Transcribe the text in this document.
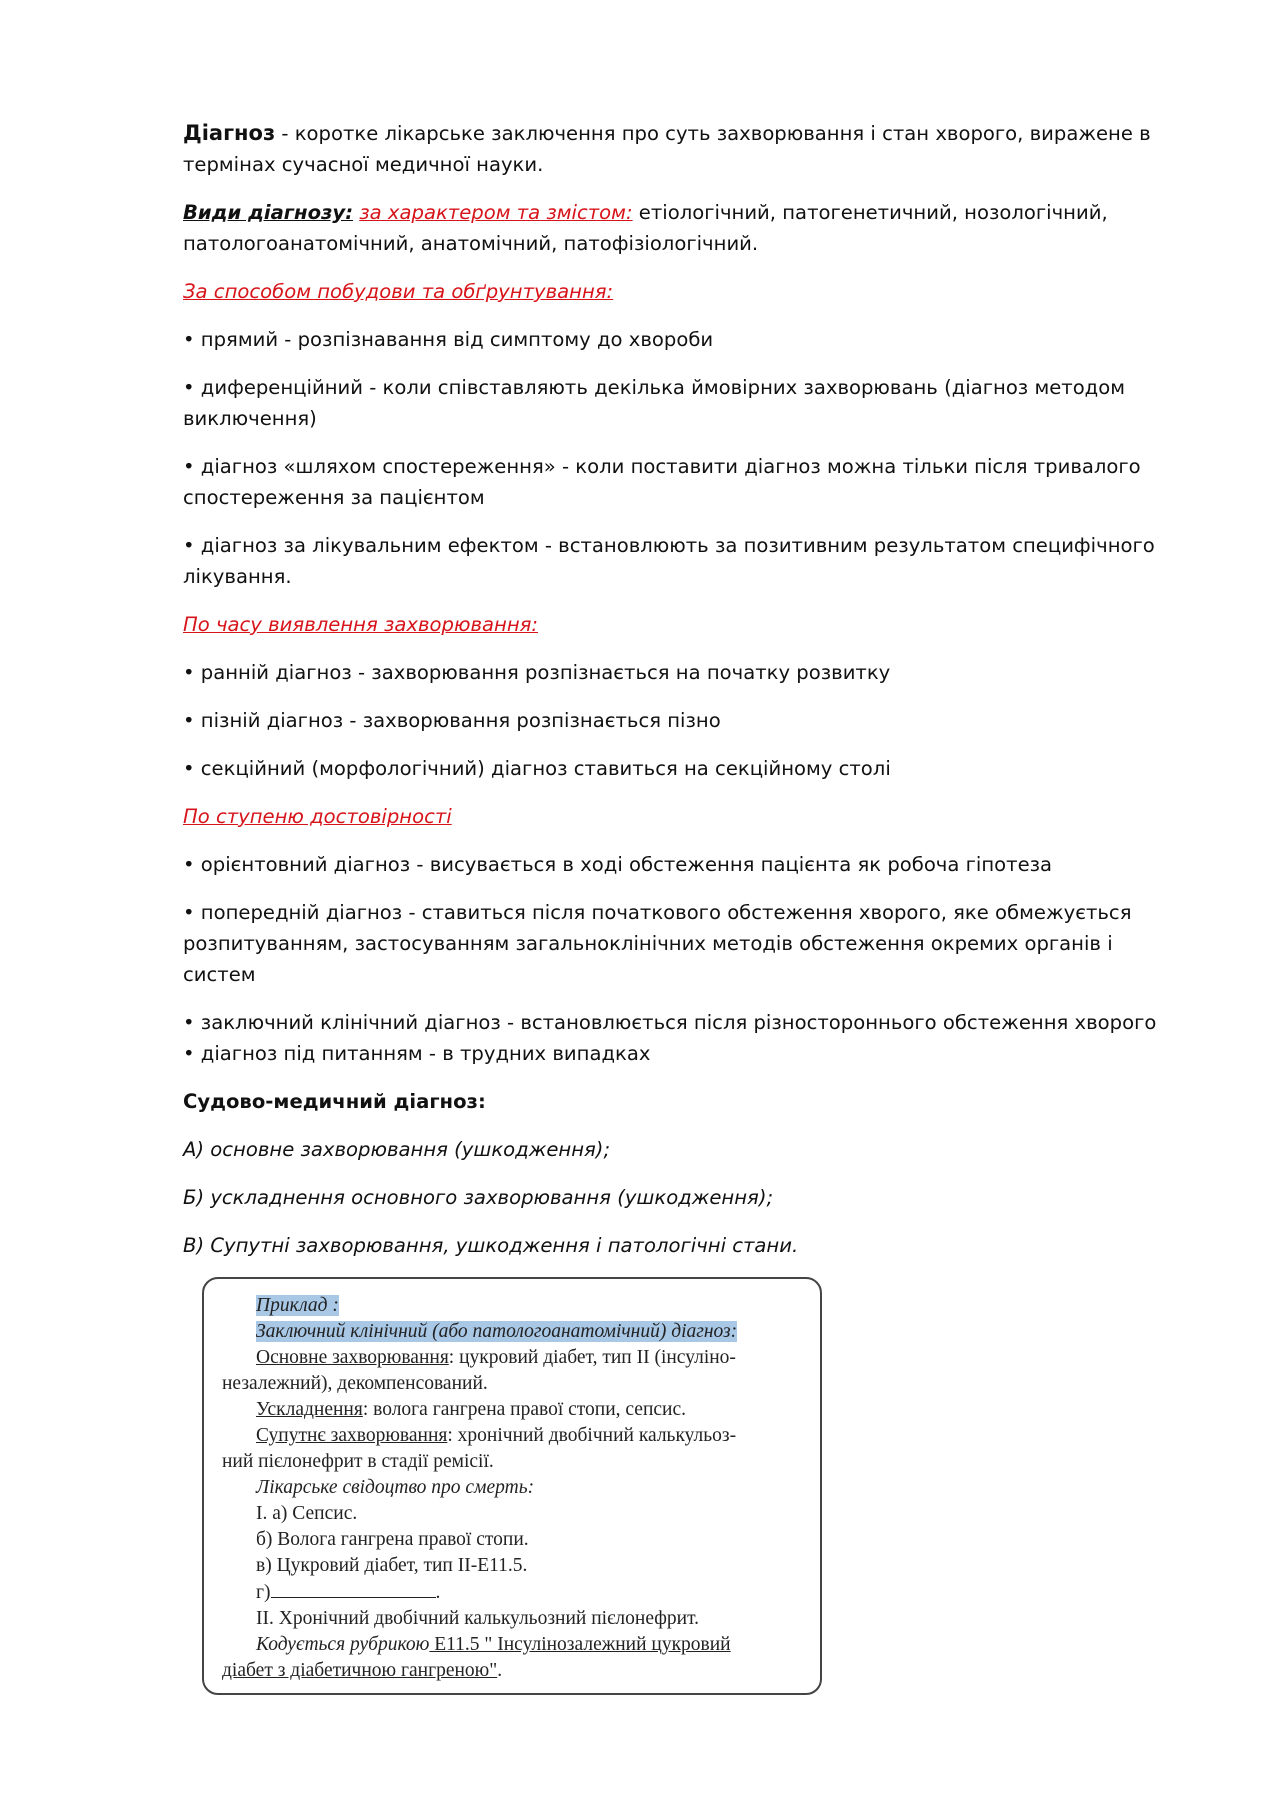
Діагноз - коротке лікарське заключення про суть захворювання і стан хворого, виражене в термінах сучасної медичної науки.

Види діагнозу: за характером та змістом: етіологічний, патогенетичний, нозологічний, патологоанатомічний, анатомічний, патофізіологічний.

За способом побудови та обґрунтування:

• прямий - розпізнавання від симптому до хвороби

• диференційний - коли співставляють декілька ймовірних захворювань (діагноз методом виключення)

• діагноз «шляхом спостереження» - коли поставити діагноз можна тільки після тривалого спостереження за пацієнтом

• діагноз за лікувальним ефектом - встановлюють за позитивним результатом специфічного лікування.

По часу виявлення захворювання:

• ранній діагноз - захворювання розпізнається на початку розвитку

• пізній діагноз - захворювання розпізнається пізно

• секційний (морфологічний) діагноз ставиться на секційному столі

По ступеню достовірності

• орієнтовний діагноз - висувається в ході обстеження пацієнта як робоча гіпотеза

• попередній діагноз - ставиться після початкового обстеження хворого, яке обмежується розпитуванням, застосуванням загальноклінічних методів обстеження окремих органів і систем

• заключний клінічний діагноз - встановлюється після різностороннього обстеження хворого • діагноз під питанням - в трудних випадках

Судово-медичний діагноз:

А) основне захворювання (ушкодження);

Б) ускладнення основного захворювання (ушкодження);

В) Супутні захворювання, ушкодження і патологічні стани.

Приклад :
Заключний клінічний (або патологоанатомічний) діагноз:
Основне захворювання: цукровий діабет, тип II (інсуліно-
незалежний), декомпенсований.
Ускладнення: волога гангрена правої стопи, сепсис.
Супутнє захворювання: хронічний двобічний калькульоз-
ний пієлонефрит в стадії ремісії.
Лікарське свідоцтво про смерть:
І. а) Сепсис.
б) Волога гангрена правої стопи.
в) Цукровий діабет, тип ІІ-Е11.5.
г)	.
ІІ. Хронічний двобічний калькульозний пієлонефрит.
Кодується рубрикою Е11.5 " Інсулінозалежний цукровий
діабет з діабетичною гангреною".
